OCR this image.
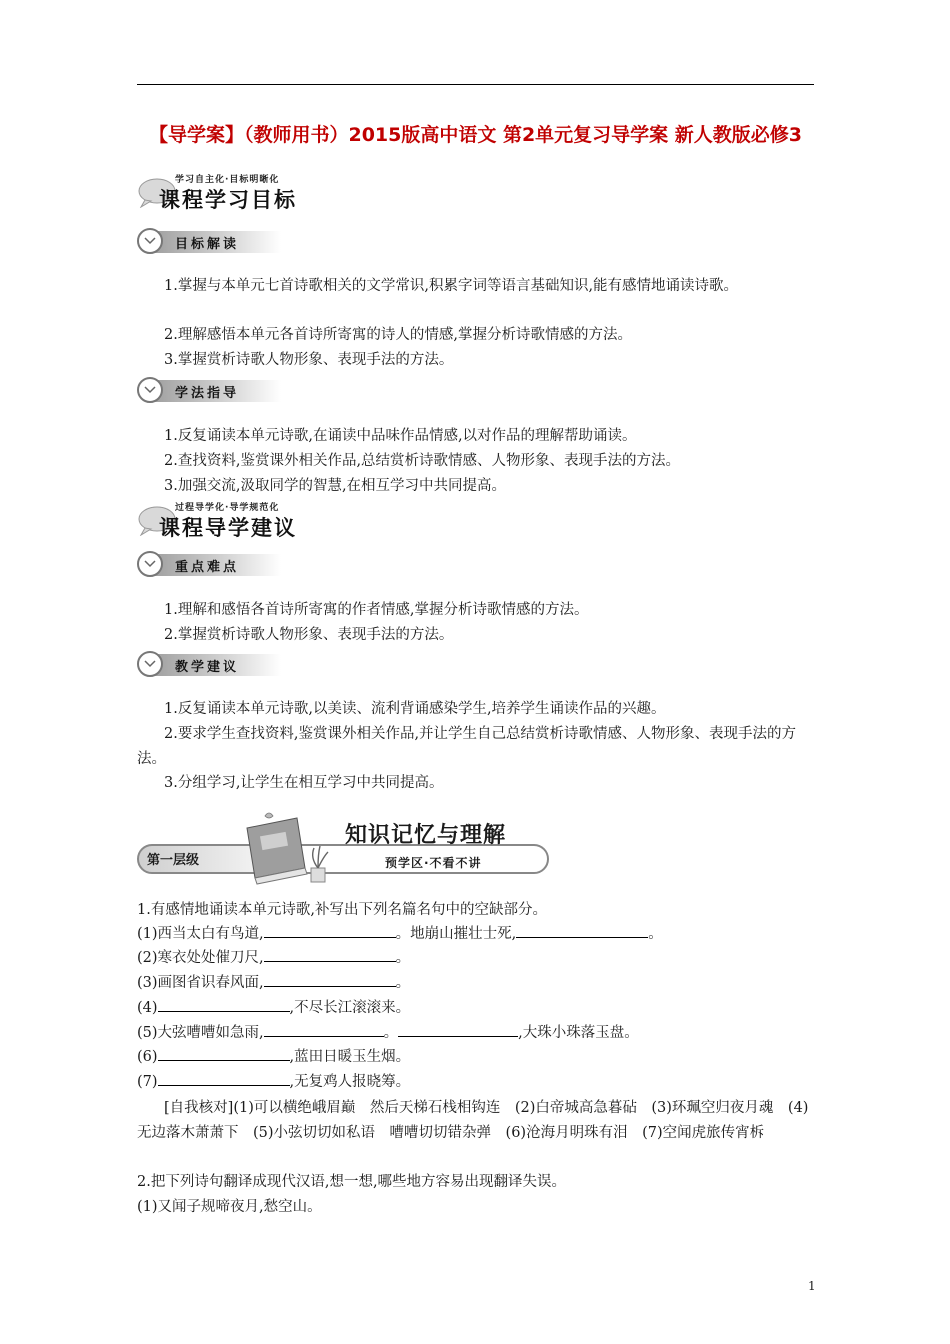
【导学案】（教师用书）2015版高中语文 第2单元复习导学案 新人教版必修3
学习自主化·目标明晰化
课程学习目标
目标解读
1.掌握与本单元七首诗歌相关的文学常识,积累字词等语言基础知识,能有感情地诵读诗歌。
2.理解感悟本单元各首诗所寄寓的诗人的情感,掌握分析诗歌情感的方法。
3.掌握赏析诗歌人物形象、表现手法的方法。
学法指导
1.反复诵读本单元诗歌,在诵读中品味作品情感,以对作品的理解帮助诵读。
2.查找资料,鉴赏课外相关作品,总结赏析诗歌情感、人物形象、表现手法的方法。
3.加强交流,汲取同学的智慧,在相互学习中共同提高。
过程导学化·导学规范化
课程导学建议
重点难点
1.理解和感悟各首诗所寄寓的作者情感,掌握分析诗歌情感的方法。
2.掌握赏析诗歌人物形象、表现手法的方法。
教学建议
1.反复诵读本单元诗歌,以美读、流利背诵感染学生,培养学生诵读作品的兴趣。
2.要求学生查找资料,鉴赏课外相关作品,并让学生自己总结赏析诗歌情感、人物形象、表现手法的方法。
3.分组学习,让学生在相互学习中共同提高。
第一层级
知识记忆与理解
预学区·不看不讲
1.有感情地诵读本单元诗歌,补写出下列名篇名句中的空缺部分。
(1)西当太白有鸟道,	。地崩山摧壮士死,	。
(2)寒衣处处催刀尺,	。
(3)画图省识春风面,	。
(4)	,不尽长江滚滚来。
(5)大弦嘈嘈如急雨,	。	,大珠小珠落玉盘。
(6)	,蓝田日暖玉生烟。
(7)	,无复鸡人报晓筹。
[自我核对](1)可以横绝峨眉巅　然后天梯石栈相钩连　(2)白帝城高急暮砧　(3)环珮空归夜月魂　(4)无边落木萧萧下　(5)小弦切切如私语　嘈嘈切切错杂弹　(6)沧海月明珠有泪　(7)空闻虎旅传宵柝
2.把下列诗句翻译成现代汉语,想一想,哪些地方容易出现翻译失误。
(1)又闻子规啼夜月,愁空山。
1
